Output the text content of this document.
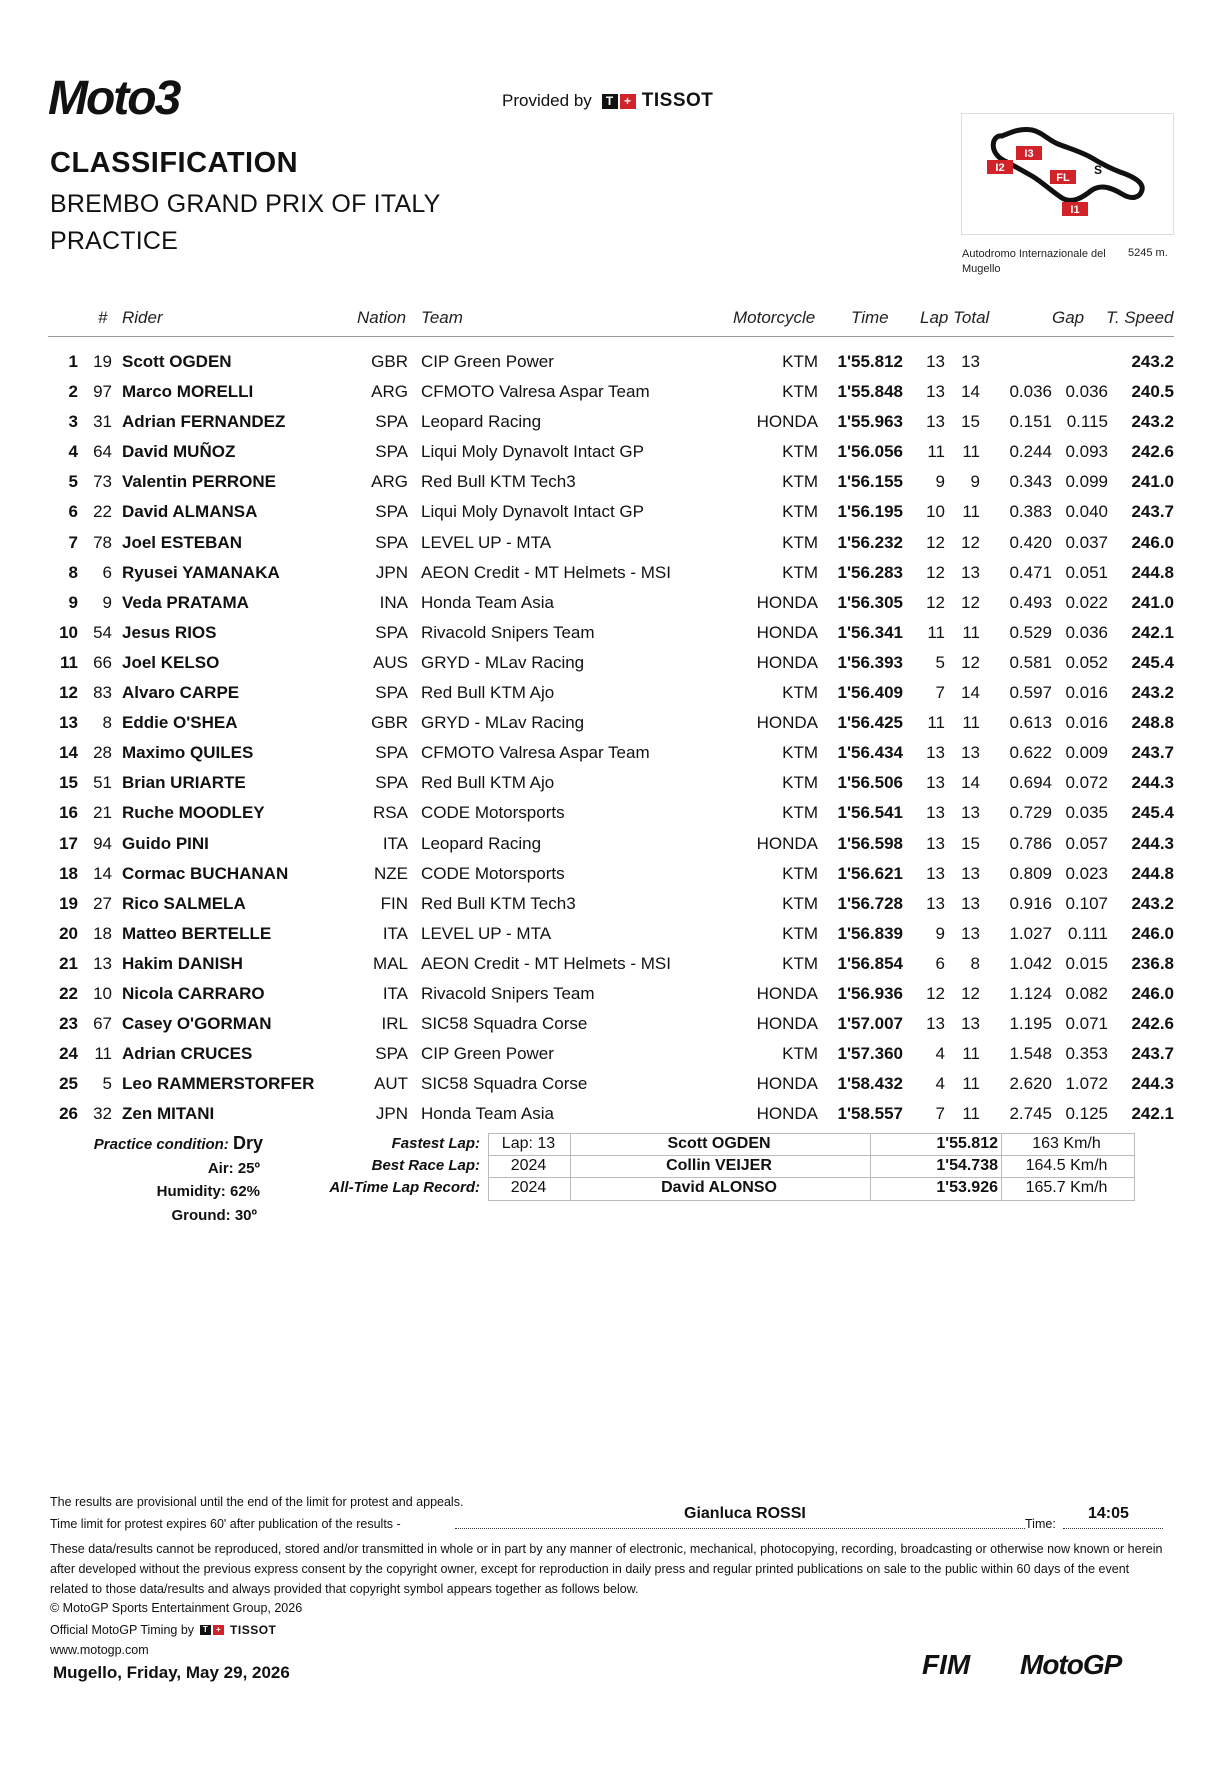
Moto3	Provided by	T + TISSOT
CLASSIFICATION
BREMBO GRAND PRIX OF ITALY
PRACTICE
I2
I3
FL
S
I1
Autodromo Internazionale del Mugello
5245 m.
# Rider	Nation Team	Motorcycle Time Lap Total	Gap T. Speed
1 19 Scott OGDEN	GBR CIP Green Power	KTM	1'55.812	13 13	243.2
2 97 Marco MORELLI	ARG CFMOTO Valresa Aspar Team	KTM	1'55.848	13 14	0.036 0.036	240.5
3 31 Adrian FERNANDEZ	SPA Leopard Racing	HONDA	1'55.963	13 15	0.151 0.115	243.2
4 64 David MUÑOZ	SPA Liqui Moly Dynavolt Intact GP	KTM	1'56.056	11	11	0.244 0.093	242.6
5 73 Valentin PERRONE	ARG Red Bull KTM Tech3	KTM	1'56.155	9	9	0.343 0.099	241.0
6 22 David ALMANSA	SPA Liqui Moly Dynavolt Intact GP	KTM	1'56.195	10	11	0.383 0.040	243.7
7 78 Joel ESTEBAN	SPA LEVEL UP - MTA	KTM	1'56.232	12 12	0.420 0.037	246.0
8	6 Ryusei YAMANAKA	JPN AEON Credit - MT Helmets - MSI	KTM	1'56.283	12 13	0.471 0.051	244.8
9	9 Veda PRATAMA	INA Honda Team Asia	HONDA	1'56.305	12 12	0.493 0.022	241.0
10 54 Jesus RIOS	SPA Rivacold Snipers Team	HONDA	1'56.341	11	11	0.529 0.036	242.1
11 66 Joel KELSO	AUS GRYD - MLav Racing	HONDA	1'56.393	5 12	0.581 0.052	245.4
12 83 Alvaro CARPE	SPA Red Bull KTM Ajo	KTM	1'56.409	7 14	0.597 0.016	243.2
13	8 Eddie O'SHEA	GBR GRYD - MLav Racing	HONDA	1'56.425	11	11	0.613 0.016	248.8
14 28 Maximo QUILES	SPA CFMOTO Valresa Aspar Team	KTM	1'56.434	13 13	0.622 0.009	243.7
15 51 Brian URIARTE	SPA Red Bull KTM Ajo	KTM	1'56.506	13 14	0.694 0.072	244.3
16 21 Ruche MOODLEY	RSA CODE Motorsports	KTM	1'56.541	13 13	0.729 0.035	245.4
17 94 Guido PINI	ITA Leopard Racing	HONDA	1'56.598	13 15	0.786 0.057	244.3
18 14 Cormac BUCHANAN	NZE CODE Motorsports	KTM	1'56.621	13 13	0.809 0.023	244.8
19 27 Rico SALMELA	FIN Red Bull KTM Tech3	KTM	1'56.728	13 13	0.916 0.107	243.2
20 18 Matteo BERTELLE	ITA LEVEL UP - MTA	KTM	1'56.839	9 13	1.027 0.111	246.0
21 13 Hakim DANISH	MAL AEON Credit - MT Helmets - MSI	KTM	1'56.854	6	8	1.042 0.015	236.8
22 10 Nicola CARRARO	ITA Rivacold Snipers Team	HONDA	1'56.936	12 12	1.124 0.082	246.0
23 67 Casey O'GORMAN	IRL SIC58 Squadra Corse	HONDA	1'57.007	13 13	1.195 0.071	242.6
24 11 Adrian CRUCES	SPA CIP Green Power	KTM	1'57.360	4	11	1.548 0.353	243.7
25	5 Leo RAMMERSTORFER	AUT SIC58 Squadra Corse	HONDA	1'58.432	4	11	2.620 1.072	244.3
26 32 Zen MITANI	JPN Honda Team Asia	HONDA	1'58.557	7	11	2.745 0.125	242.1
Practice condition: Dry
Air: 25º
Humidity: 62%
Ground: 30º
Fastest Lap:	Lap: 13	Scott OGDEN	1'55.812	163 Km/h
Best Race Lap:	2024	Collin VEIJER	1'54.738	164.5 Km/h
All-Time Lap Record:	2024	David ALONSO	1'53.926	165.7 Km/h
The results are provisional until the end of the limit for protest and appeals.
Time limit for protest expires 60' after publication of the results -
Gianluca ROSSI
Time:
14:05
These data/results cannot be reproduced, stored and/or transmitted in whole or in part by any manner of electronic, mechanical, photocopying, recording, broadcasting or otherwise now known or herein after developed without the previous express consent by the copyright owner, except for reproduction in daily press and regular printed publications on sale to the public within 60 days of the event related to those data/results and always provided that copyright symbol appears together as follows below.
© MotoGP Sports Entertainment Group, 2026
Official MotoGP Timing by	T + TISSOT
www.motogp.com
Mugello, Friday, May 29, 2026	FIM MotoGP
